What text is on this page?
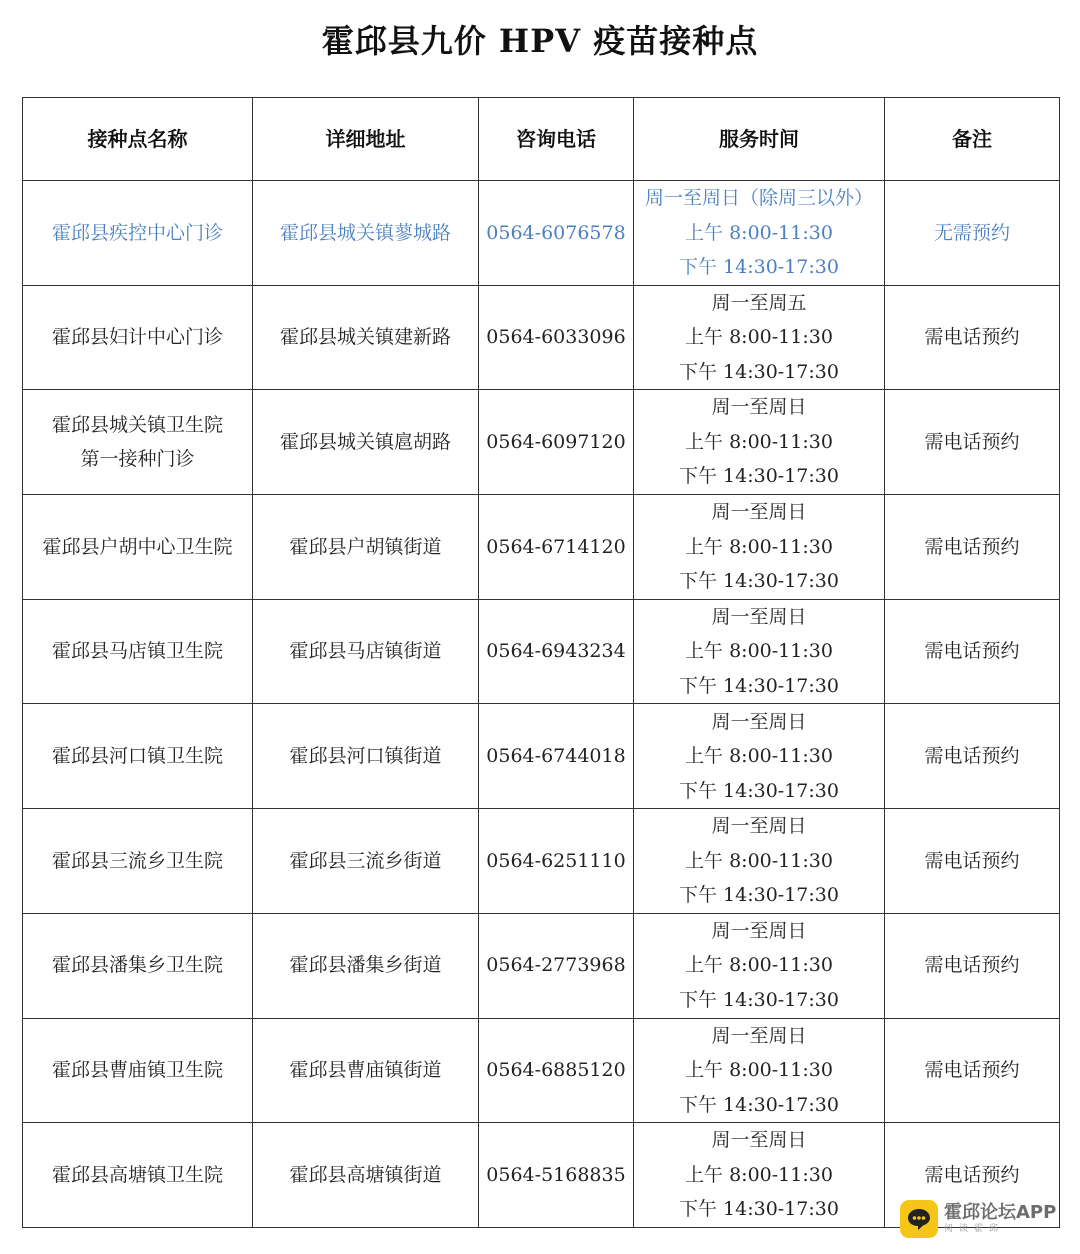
霍邱县九价 HPV 疫苗接种点
接种点名称	详细地址	咨询电话	服务时间	备注

霍邱县疾控中心门诊	霍邱县城关镇蓼城路	0564-6076578	周一至周日（除周三以外）
上午 8:00-11:30
下午 14:30-17:30	无需预约

霍邱县妇计中心门诊	霍邱县城关镇建新路	0564-6033096	周一至周五
上午 8:00-11:30
下午 14:30-17:30	需电话预约

霍邱县城关镇卫生院
第一接种门诊	霍邱县城关镇扈胡路	0564-6097120	周一至周日
上午 8:00-11:30
下午 14:30-17:30	需电话预约

霍邱县户胡中心卫生院	霍邱县户胡镇街道	0564-6714120	周一至周日
上午 8:00-11:30
下午 14:30-17:30	需电话预约

霍邱县马店镇卫生院	霍邱县马店镇街道	0564-6943234	周一至周日
上午 8:00-11:30
下午 14:30-17:30	需电话预约

霍邱县河口镇卫生院	霍邱县河口镇街道	0564-6744018	周一至周日
上午 8:00-11:30
下午 14:30-17:30	需电话预约

霍邱县三流乡卫生院	霍邱县三流乡街道	0564-6251110	周一至周日
上午 8:00-11:30
下午 14:30-17:30	需电话预约

霍邱县潘集乡卫生院	霍邱县潘集乡街道	0564-2773968	周一至周日
上午 8:00-11:30
下午 14:30-17:30	需电话预约

霍邱县曹庙镇卫生院	霍邱县曹庙镇街道	0564-6885120	周一至周日
上午 8:00-11:30
下午 14:30-17:30	需电话预约

霍邱县高塘镇卫生院	霍邱县高塘镇街道	0564-5168835	周一至周日
上午 8:00-11:30
下午 14:30-17:30	需电话预约
霍邱论坛APP
阅读霍邱
